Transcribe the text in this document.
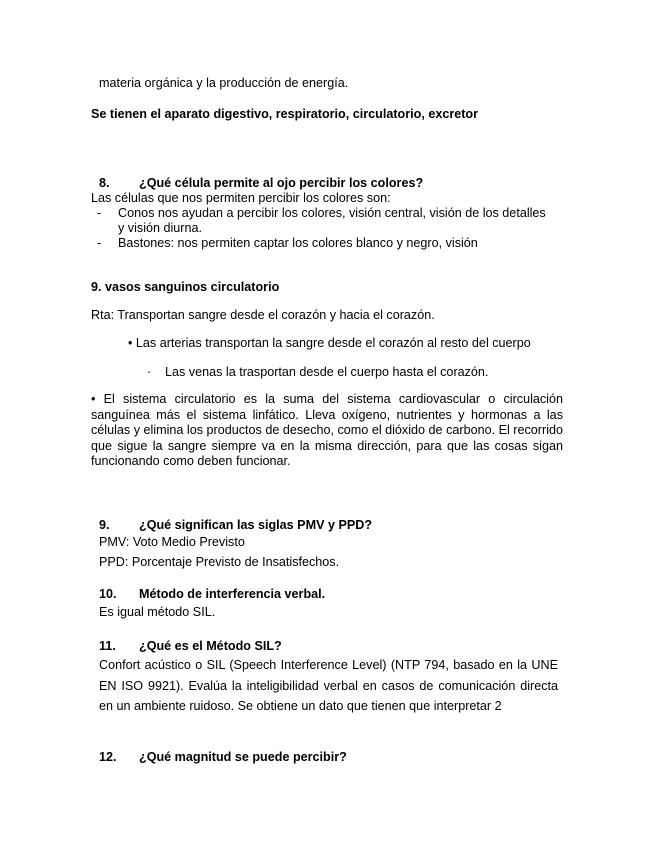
materia orgánica y la producción de energía.
Se tienen el aparato digestivo, respiratorio, circulatorio, excretor
8. ¿Qué célula permite al ojo percibir los colores?
Las células que nos permiten percibir los colores son:
- Conos nos ayudan a percibir los colores, visión central, visión de los detalles
y visión diurna.
- Bastones: nos permiten captar los colores blanco y negro, visión
9. vasos sanguinos circulatorio
Rta: Transportan sangre desde el corazón y hacia el corazón.
• Las arterias transportan la sangre desde el corazón al resto del cuerpo
· Las venas la trasportan desde el cuerpo hasta el corazón.
• El sistema circulatorio es la suma del sistema cardiovascular o circulación sanguínea más el sistema linfático. Lleva oxígeno, nutrientes y hormonas a las células y elimina los productos de desecho, como el dióxido de carbono. El recorrido que sigue la sangre siempre va en la misma dirección, para que las cosas sigan funcionando como deben funcionar.
9. ¿Qué significan las siglas PMV y PPD?
PMV: Voto Medio Previsto
PPD: Porcentaje Previsto de Insatisfechos.
10. Método de interferencia verbal.
Es igual método SIL.
11. ¿Qué es el Método SIL?
Confort acústico o SIL (Speech Interference Level) (NTP 794, basado en la UNE EN ISO 9921). Evalúa la inteligibilidad verbal en casos de comunicación directa en un ambiente ruidoso. Se obtiene un dato que tienen que interpretar 2
12. ¿Qué magnitud se puede percibir?
